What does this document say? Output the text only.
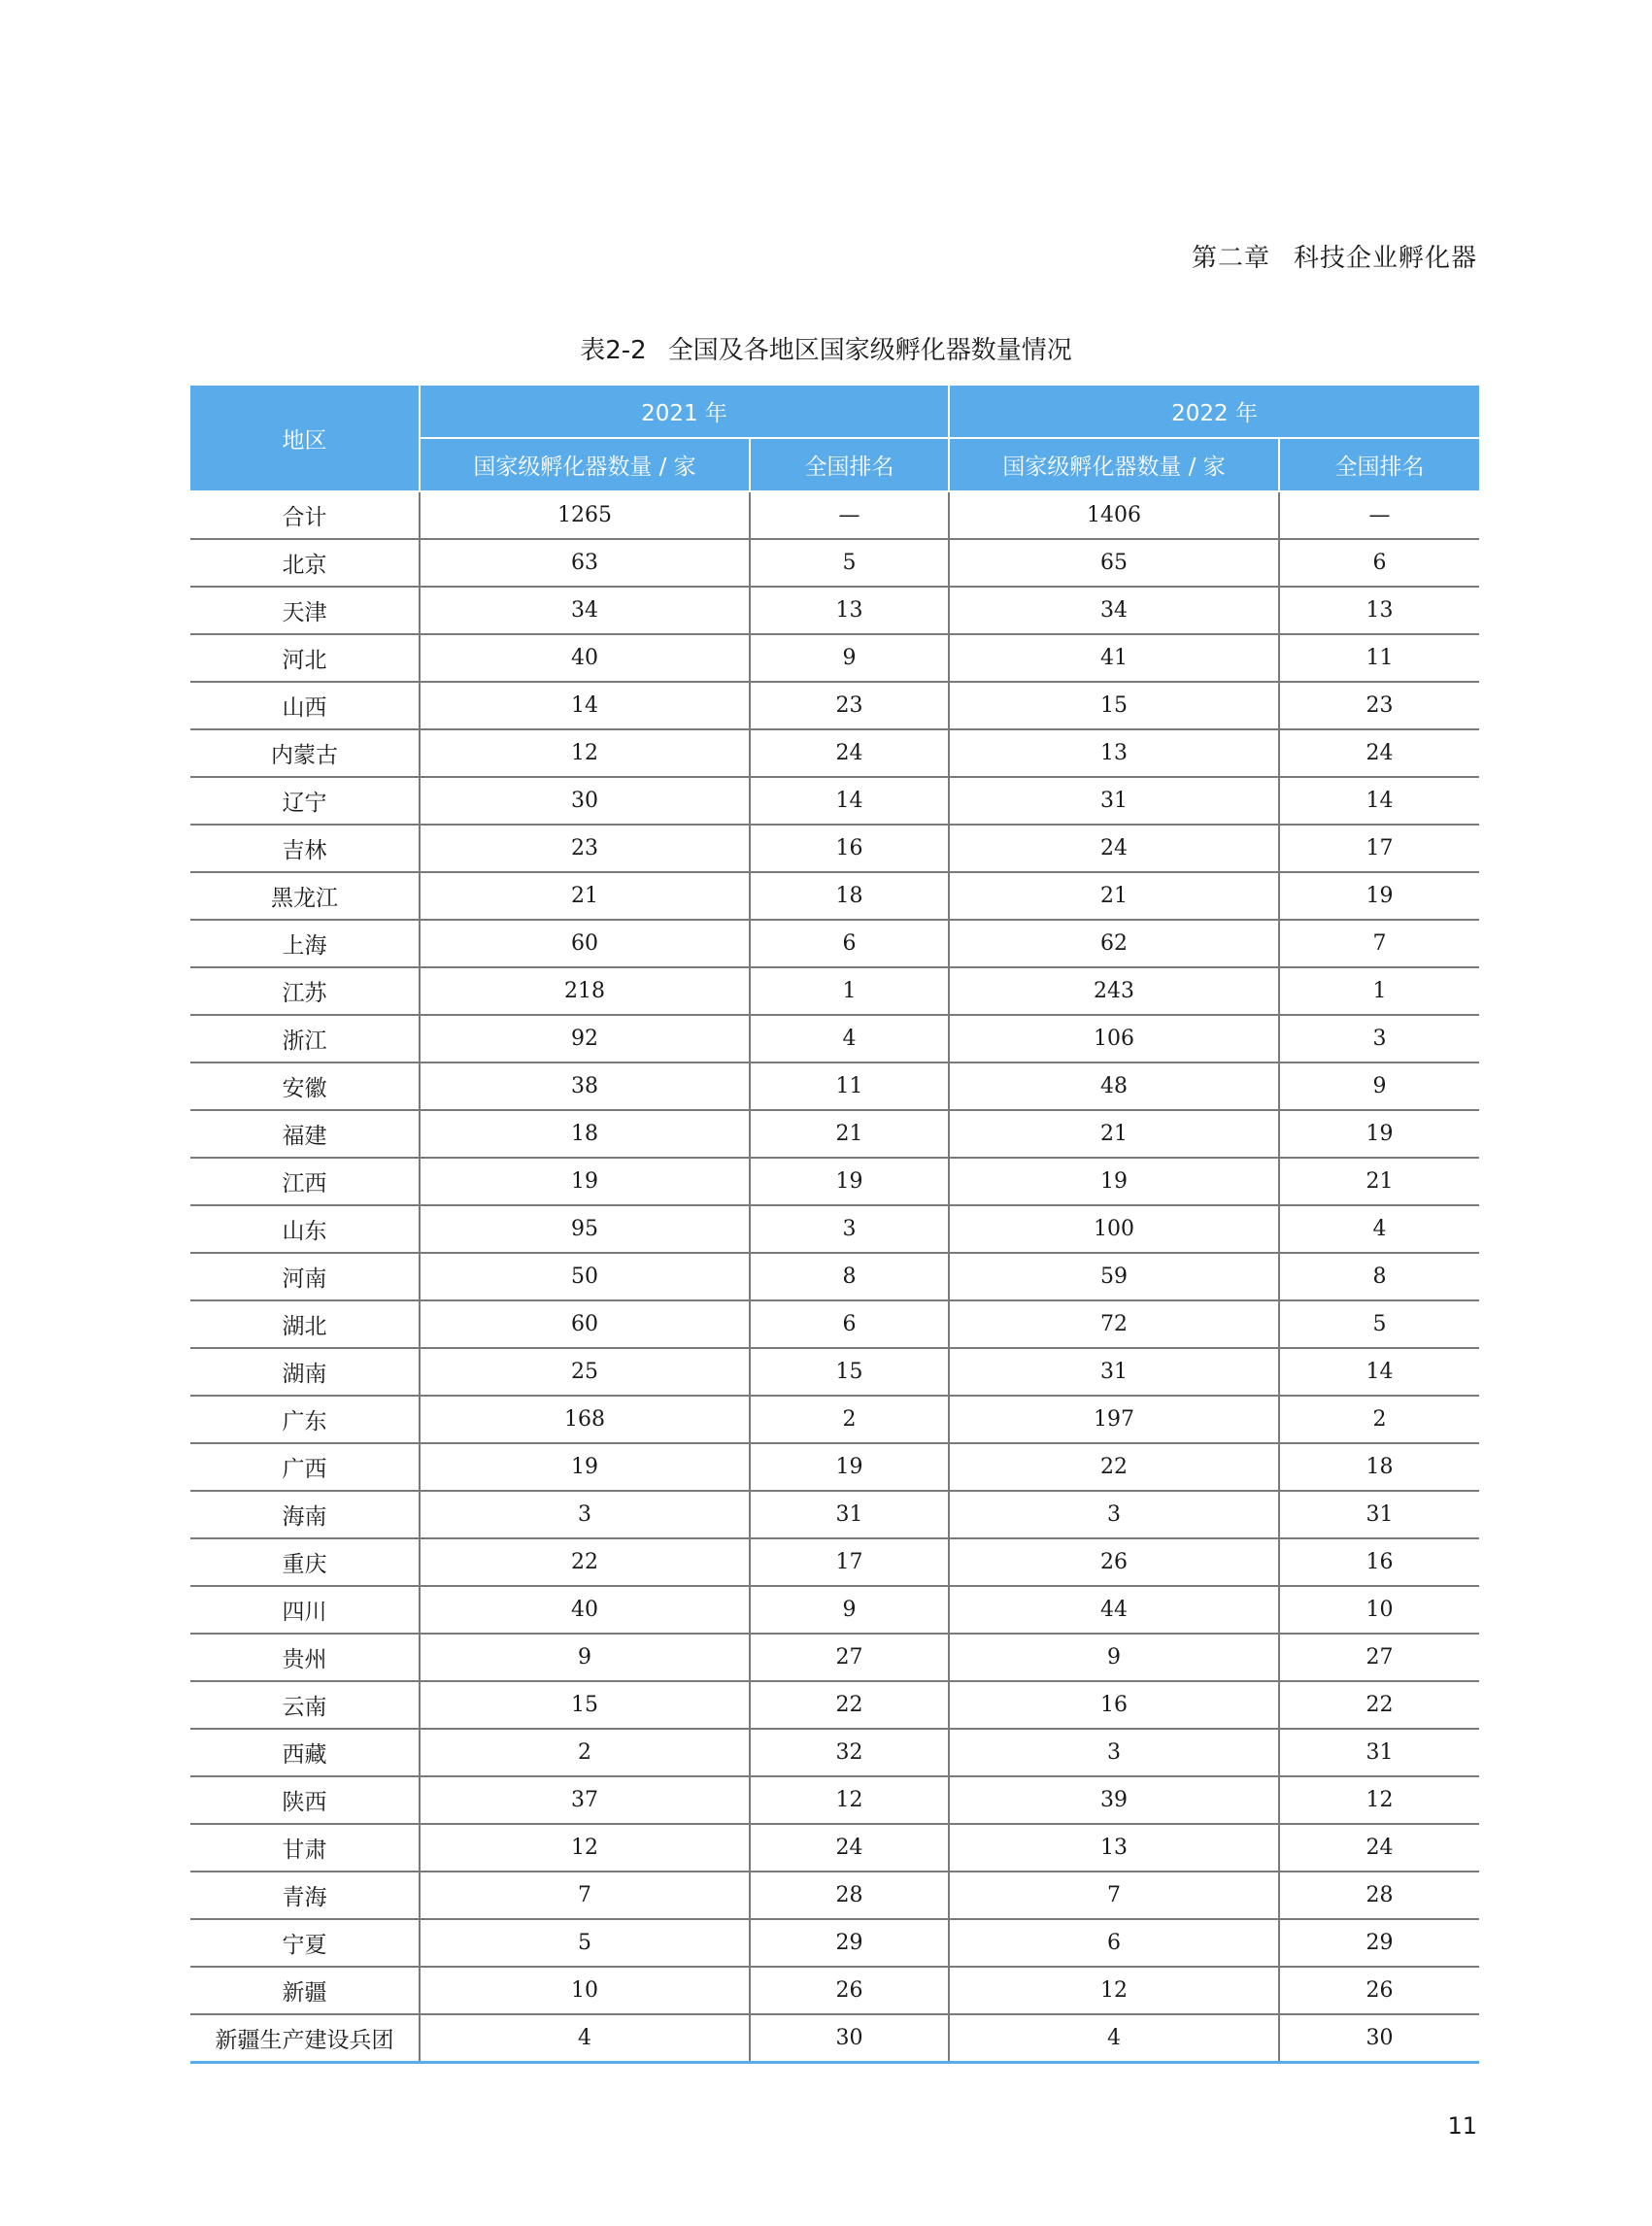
第二章 科技企业孵化器
表2-2 全国及各地区国家级孵化器数量情况
地区	2021 年		2022 年	
	国家级孵化器数量 / 家	全国排名	国家级孵化器数量 / 家	全国排名
合计	1265	—	1406	—
北京	63	5	65	6
天津	34	13	34	13
河北	40	9	41	11
山西	14	23	15	23
内蒙古	12	24	13	24
辽宁	30	14	31	14
吉林	23	16	24	17
黑龙江	21	18	21	19
上海	60	6	62	7
江苏	218	1	243	1
浙江	92	4	106	3
安徽	38	11	48	9
福建	18	21	21	19
江西	19	19	19	21
山东	95	3	100	4
河南	50	8	59	8
湖北	60	6	72	5
湖南	25	15	31	14
广东	168	2	197	2
广西	19	19	22	18
海南	3	31	3	31
重庆	22	17	26	16
四川	40	9	44	10
贵州	9	27	9	27
云南	15	22	16	22
西藏	2	32	3	31
陕西	37	12	39	12
甘肃	12	24	13	24
青海	7	28	7	28
宁夏	5	29	6	29
新疆	10	26	12	26
新疆生产建设兵团	4	30	4	30
11
